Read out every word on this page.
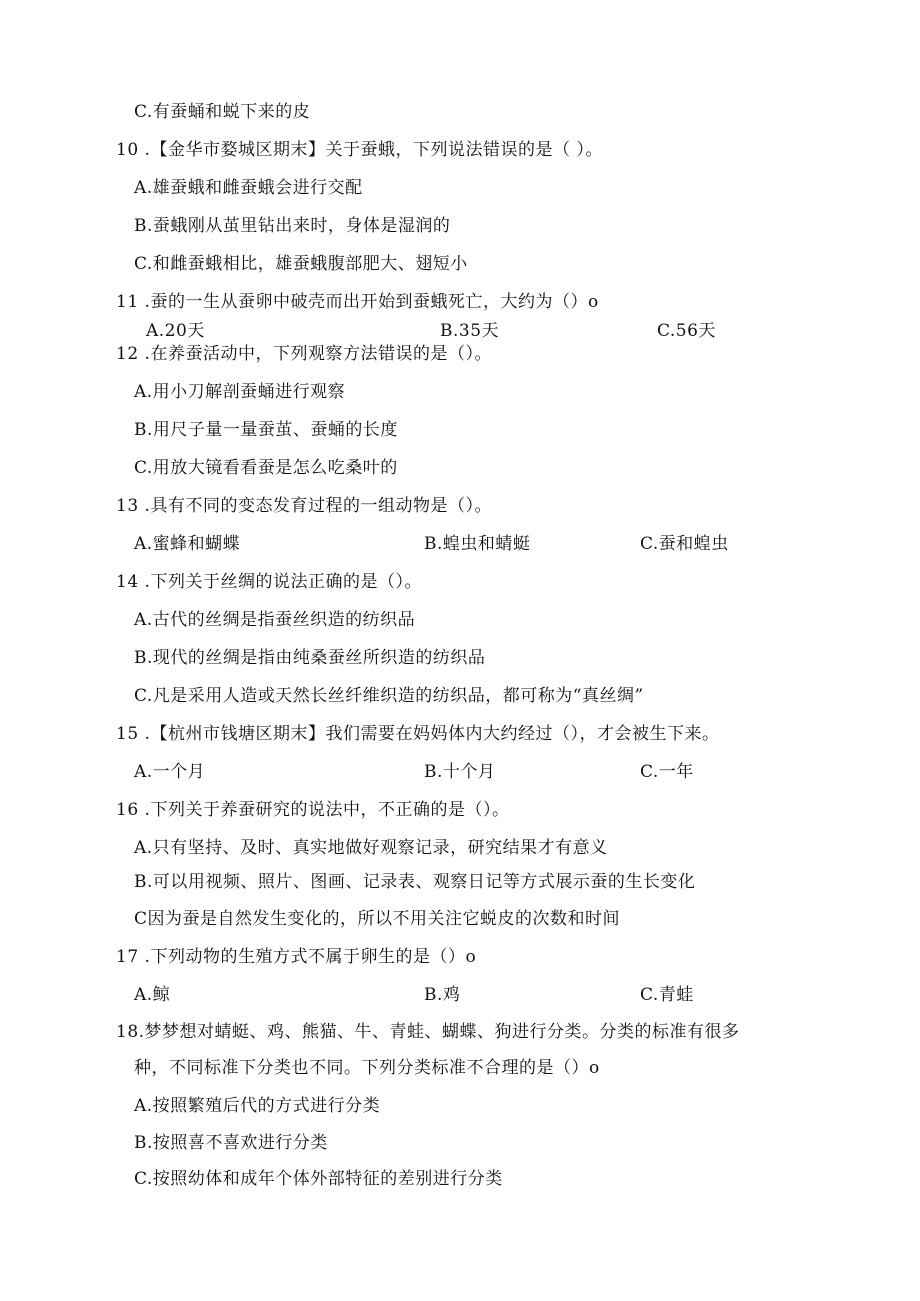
C.有蚕蛹和蜕下来的皮
10 .【金华市婺城区期末】关于蚕蛾，下列说法错误的是（ ）。
A.雄蚕蛾和雌蚕蛾会进行交配
B.蚕蛾刚从茧里钻出来时，身体是湿润的
C.和雌蚕蛾相比，雄蚕蛾腹部肥大、翅短小
11 .蚕的一生从蚕卵中破壳而出开始到蚕蛾死亡，大约为（）o
A.20天	B.35天	C.56天
12 .在养蚕活动中，下列观察方法错误的是（）。
A.用小刀解剖蚕蛹进行观察
B.用尺子量一量蚕茧、蚕蛹的长度
C.用放大镜看看蚕是怎么吃桑叶的
13 .具有不同的变态发育过程的一组动物是（）。
A.蜜蜂和蝴蝶	B.蝗虫和蜻蜓	C.蚕和蝗虫
14 .下列关于丝绸的说法正确的是（）。
A.古代的丝绸是指蚕丝织造的纺织品
B.现代的丝绸是指由纯桑蚕丝所织造的纺织品
C.凡是采用人造或天然长丝纤维织造的纺织品，都可称为“真丝绸”
15 .【杭州市钱塘区期末】我们需要在妈妈体内大约经过（），才会被生下来。
A.一个月	B.十个月	C.一年
16 .下列关于养蚕研究的说法中，不正确的是（）。
A.只有坚持、及时、真实地做好观察记录，研究结果才有意义
B.可以用视频、照片、图画、记录表、观察日记等方式展示蚕的生长变化
C因为蚕是自然发生变化的，所以不用关注它蜕皮的次数和时间
17 .下列动物的生殖方式不属于卵生的是（）o
A.鲸	B.鸡	C.青蛙
18.梦梦想对蜻蜓、鸡、熊猫、牛、青蛙、蝴蝶、狗进行分类。分类的标准有很多
种，不同标准下分类也不同。下列分类标准不合理的是（）o
A.按照繁殖后代的方式进行分类
B.按照喜不喜欢进行分类
C.按照幼体和成年个体外部特征的差别进行分类
